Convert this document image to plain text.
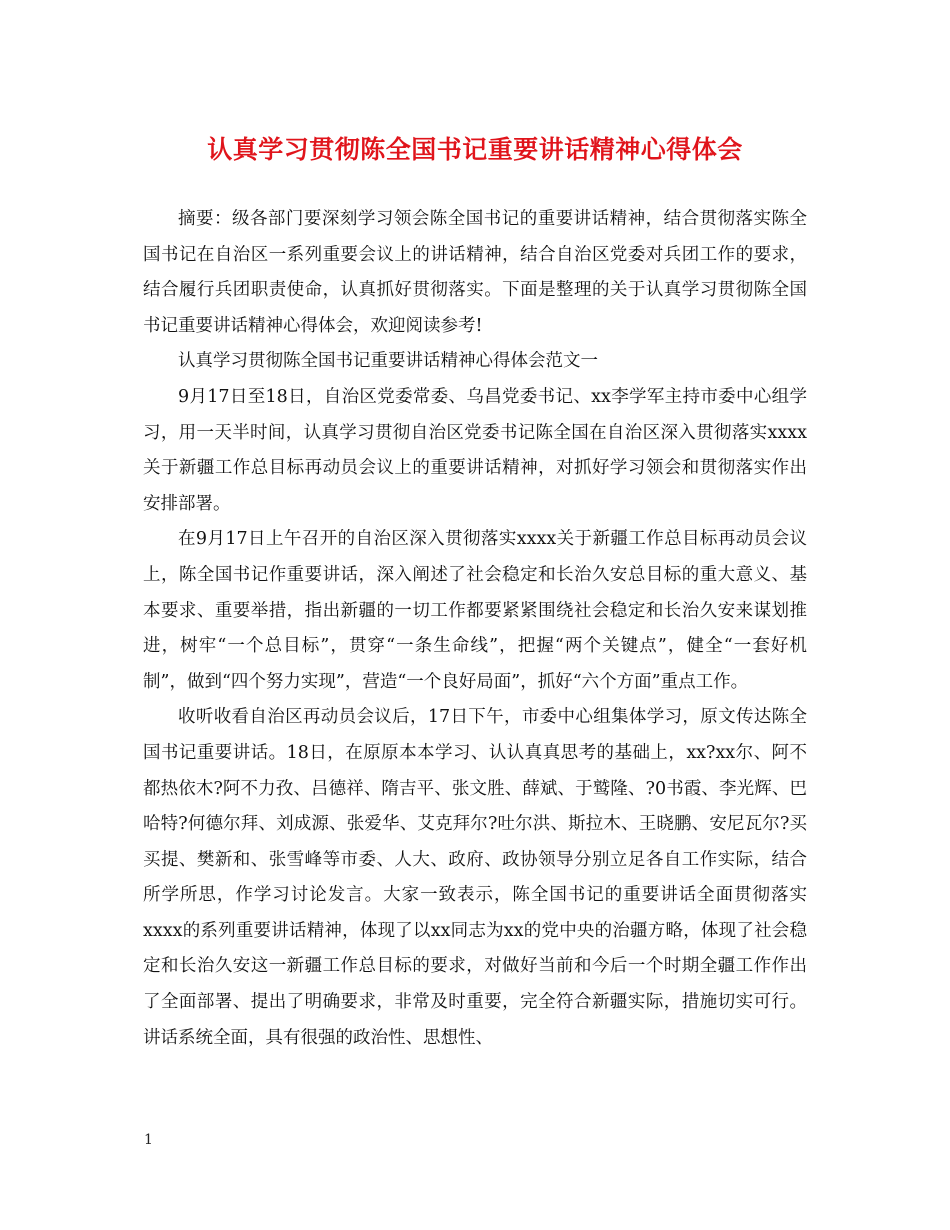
认真学习贯彻陈全国书记重要讲话精神心得体会

摘要：级各部门要深刻学习领会陈全国书记的重要讲话精神，结合贯彻落实陈全国书记在自治区一系列重要会议上的讲话精神，结合自治区党委对兵团工作的要求，结合履行兵团职责使命，认真抓好贯彻落实。下面是整理的关于认真学习贯彻陈全国书记重要讲话精神心得体会，欢迎阅读参考!

认真学习贯彻陈全国书记重要讲话精神心得体会范文一

9月17日至18日，自治区党委常委、乌昌党委书记、xx李学军主持市委中心组学习，用一天半时间，认真学习贯彻自治区党委书记陈全国在自治区深入贯彻落实xxxx关于新疆工作总目标再动员会议上的重要讲话精神，对抓好学习领会和贯彻落实作出安排部署。

在9月17日上午召开的自治区深入贯彻落实xxxx关于新疆工作总目标再动员会议上，陈全国书记作重要讲话，深入阐述了社会稳定和长治久安总目标的重大意义、基本要求、重要举措，指出新疆的一切工作都要紧紧围绕社会稳定和长治久安来谋划推进，树牢“一个总目标”，贯穿“一条生命线”，把握“两个关键点”，健全“一套好机制”，做到“四个努力实现”，营造“一个良好局面”，抓好“六个方面”重点工作。

收听收看自治区再动员会议后，17日下午，市委中心组集体学习，原文传达陈全国书记重要讲话。18日，在原原本本学习、认认真真思考的基础上，xx?xx尔、阿不都热依木?阿不力孜、吕德祥、隋吉平、张文胜、薛斌、于鹫隆、?0书霞、李光辉、巴哈特?何德尔拜、刘成源、张爱华、艾克拜尔?吐尔洪、斯拉木、王晓鹏、安尼瓦尔?买买提、樊新和、张雪峰等市委、人大、政府、政协领导分别立足各自工作实际，结合所学所思，作学习讨论发言。大家一致表示，陈全国书记的重要讲话全面贯彻落实xxxx的系列重要讲话精神，体现了以xx同志为xx的党中央的治疆方略，体现了社会稳定和长治久安这一新疆工作总目标的要求，对做好当前和今后一个时期全疆工作作出了全面部署、提出了明确要求，非常及时重要，完全符合新疆实际，措施切实可行。讲话系统全面，具有很强的政治性、思想性、

1
